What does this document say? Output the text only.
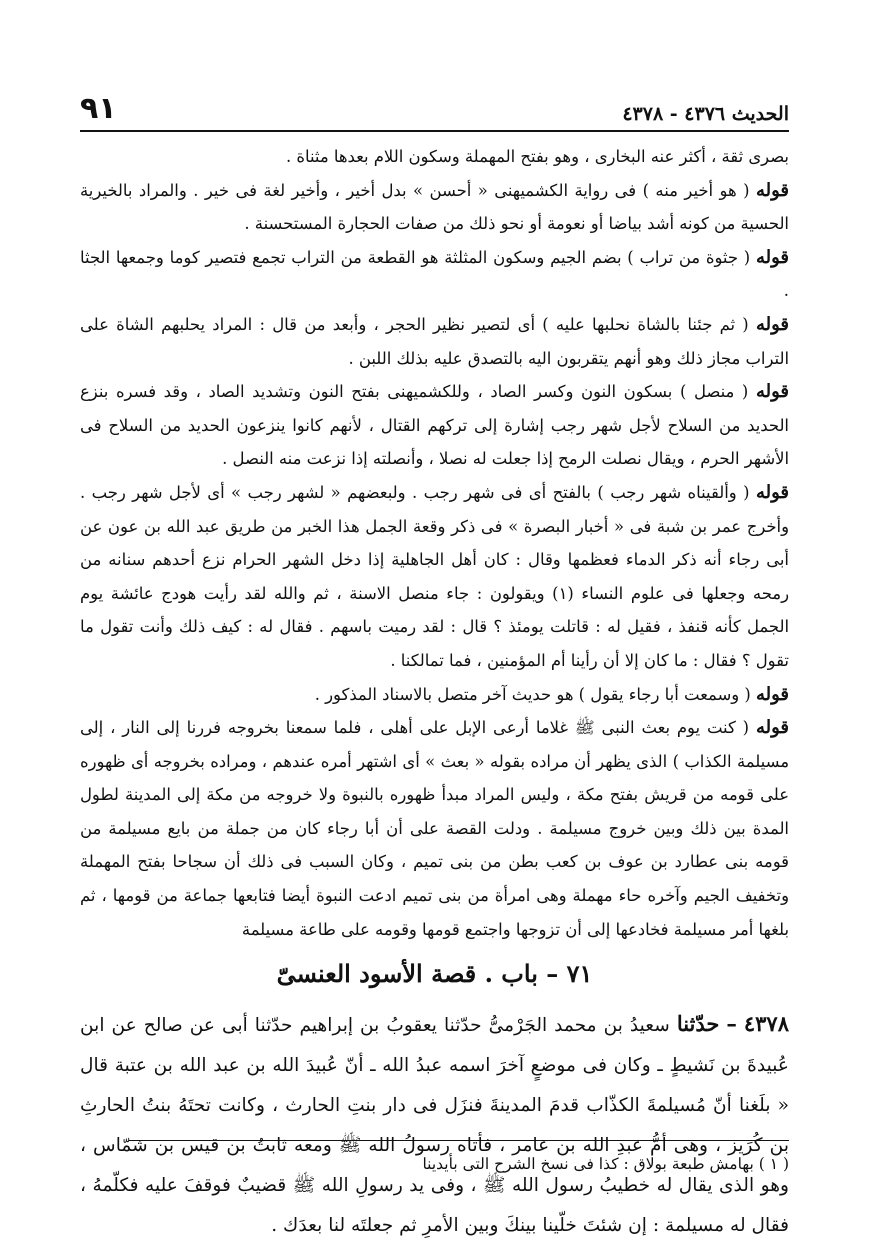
الحديث ٤٣٧٦ - ٤٣٧٨
٩١

بصرى ثقة ، أكثر عنه البخارى ، وهو بفتح المهملة وسكون اللام بعدها مثناة .

قوله ( هو أخير منه ) فى رواية الكشميهنى « أحسن » بدل أخير ، وأخير لغة فى خير . والمراد بالخيرية الحسية من كونه أشد بياضا أو نعومة أو نحو ذلك من صفات الحجارة المستحسنة .

قوله ( جثوة من تراب ) بضم الجيم وسكون المثلثة هو القطعة من التراب تجمع فتصير كوما وجمعها الجثا .

قوله ( ثم جئنا بالشاة نحلبها عليه ) أى لتصير نظير الحجر ، وأبعد من قال : المراد يحلبهم الشاة على التراب مجاز ذلك وهو أنهم يتقربون اليه بالتصدق عليه بذلك اللبن .

قوله ( منصل ) بسكون النون وكسر الصاد ، وللكشميهنى بفتح النون وتشديد الصاد ، وقد فسره بنزع الحديد من السلاح لأجل شهر رجب إشارة إلى تركهم القتال ، لأنهم كانوا ينزعون الحديد من السلاح فى الأشهر الحرم ، ويقال نصلت الرمح إذا جعلت له نصلا ، وأنصلته إذا نزعت منه النصل .

قوله ( وألقيناه شهر رجب ) بالفتح أى فى شهر رجب . ولبعضهم « لشهر رجب » أى لأجل شهر رجب . وأخرج عمر بن شبة فى « أخبار البصرة » فى ذكر وقعة الجمل هذا الخبر من طريق عبد الله بن عون عن أبى رجاء أنه ذكر الدماء فعظمها وقال : كان أهل الجاهلية إذا دخل الشهر الحرام نزع أحدهم سنانه من رمحه وجعلها فى علوم النساء (١) ويقولون : جاء منصل الاسنة ، ثم والله لقد رأيت هودج عائشة يوم الجمل كأنه قنفذ ، فقيل له : قاتلت يومئذ ؟ قال : لقد رميت باسهم . فقال له : كيف ذلك وأنت تقول ما تقول ؟ فقال : ما كان إلا أن رأينا أم المؤمنين ، فما تمالكنا .

قوله ( وسمعت أبا رجاء يقول ) هو حديث آخر متصل بالاسناد المذكور .

قوله ( كنت يوم بعث النبى ﷺ غلاما أرعى الإبل على أهلى ، فلما سمعنا بخروجه فررنا إلى النار ، إلى مسيلمة الكذاب ) الذى يظهر أن مراده بقوله « بعث » أى اشتهر أمره عندهم ، ومراده بخروجه أى ظهوره على قومه من قريش بفتح مكة ، وليس المراد مبدأ ظهوره بالنبوة ولا خروجه من مكة إلى المدينة لطول المدة بين ذلك وبين خروج مسيلمة . ودلت القصة على أن أبا رجاء كان من جملة من بايع مسيلمة من قومه بنى عطارد بن عوف بن كعب بطن من بنى تميم ، وكان السبب فى ذلك أن سجاحا بفتح المهملة وتخفيف الجيم وآخره حاء مهملة وهى امرأة من بنى تميم ادعت النبوة أيضا فتابعها جماعة من قومها ، ثم بلغها أمر مسيلمة فخادعها إلى أن تزوجها واجتمع قومها وقومه على طاعة مسيلمة

٧١ – باب . قصة الأسود العنسىّ

٤٣٧٨ – حدّثنا سعيدُ بن محمد الجَرْمىُّ حدّثنا يعقوبُ بن إبراهيم حدّثنا أبى عن صالح عن ابن عُبيدةَ بن نَشيطٍ ـ وكان فى موضعٍ آخرَ اسمه عبدُ الله ـ أنّ عُبيدَ الله بن عبد الله بن عتبة قال « بلَغنا أنّ مُسيلمةَ الكذّاب قدمَ المدينةَ فنزَل فى دار بنتِ الحارث ، وكانت تحتَهُ بنتُ الحارثِ بن كُرَيز ، وهى أمُّ عبدِ الله بن عامر ، فأتاه رسولُ الله ﷺ ومعه ثابتُ بن قيس بن شمّاس ، وهو الذى يقال له خطيبُ رسول الله ﷺ ، وفى يد رسولِ الله ﷺ قضيبٌ فوقفَ عليه فكلّمهُ ، فقال له مسيلمة : إن شئتَ خلّينا بينكَ وبين الأمرِ ثم جعلتَه لنا بعدَك .

( ١ ) بهامش طبعة بولاق : كذا فى نسخ الشرح التى بأيدينا
